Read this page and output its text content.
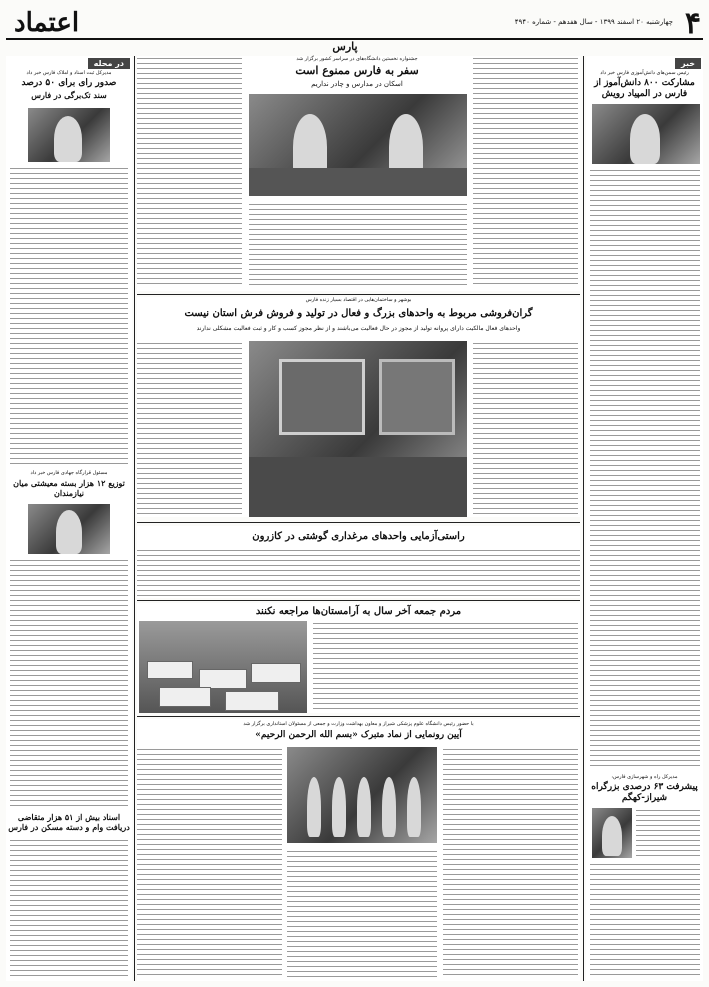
۴
چهارشنبه ۲۰ اسفند ۱۳۹۹ - سال هفدهم - شماره ۴۹۴۰
اعتماد
پارس
خبر
رئیس سمن‌های دانش‌آموزی فارس خبر داد
مشارکت ۸۰۰ دانش‌آموز از فارس در المپیاد رویش
مدیرکل راه و شهرسازی فارس:
پیشرفت ۶۳ درصدی بزرگراه شیراز-کهگم
در محله
مدیرکل ثبت اسناد و املاک فارس خبر داد
صدور رای برای ۵۰ درصد
سند تک‌برگی در فارس
مسئول قرارگاه جهادی فارس خبر داد
توزیع ۱۲ هزار بسته معیشتی میان نیازمندان
اسناد بیش از ۵۱ هزار متقاضی دریافت وام و دسته مسکن در فارس
جشنواره نخستین دانشگاه‌های در سراسر کشور برگزار شد
سفر به فارس ممنوع است
اسکان در مدارس و چادر نداریم
بوشهر و ساختمان‌هایی در اقتصاد بسیار زنده فارس
گران‌فروشی مربوط به واحدهای بزرگ و فعال در تولید و فروش فرش استان نیست
واحدهای فعال مالکیت دارای پروانه تولید از مجوز در حال فعالیت می‌باشند و از نظر مجوز کسب و کار و ثبت فعالیت مشکلی ندارند
راستی‌آزمایی واحدهای مرغداری گوشتی در کازرون
مردم جمعه آخر سال به آرامستان‌ها مراجعه نکنند
با حضور رئیس دانشگاه علوم پزشکی شیراز و معاون بهداشت وزارت و جمعی از مسئولان استانداری برگزار شد
آیین رونمایی از نماد متبرک «بسم الله الرحمن الرحیم»
